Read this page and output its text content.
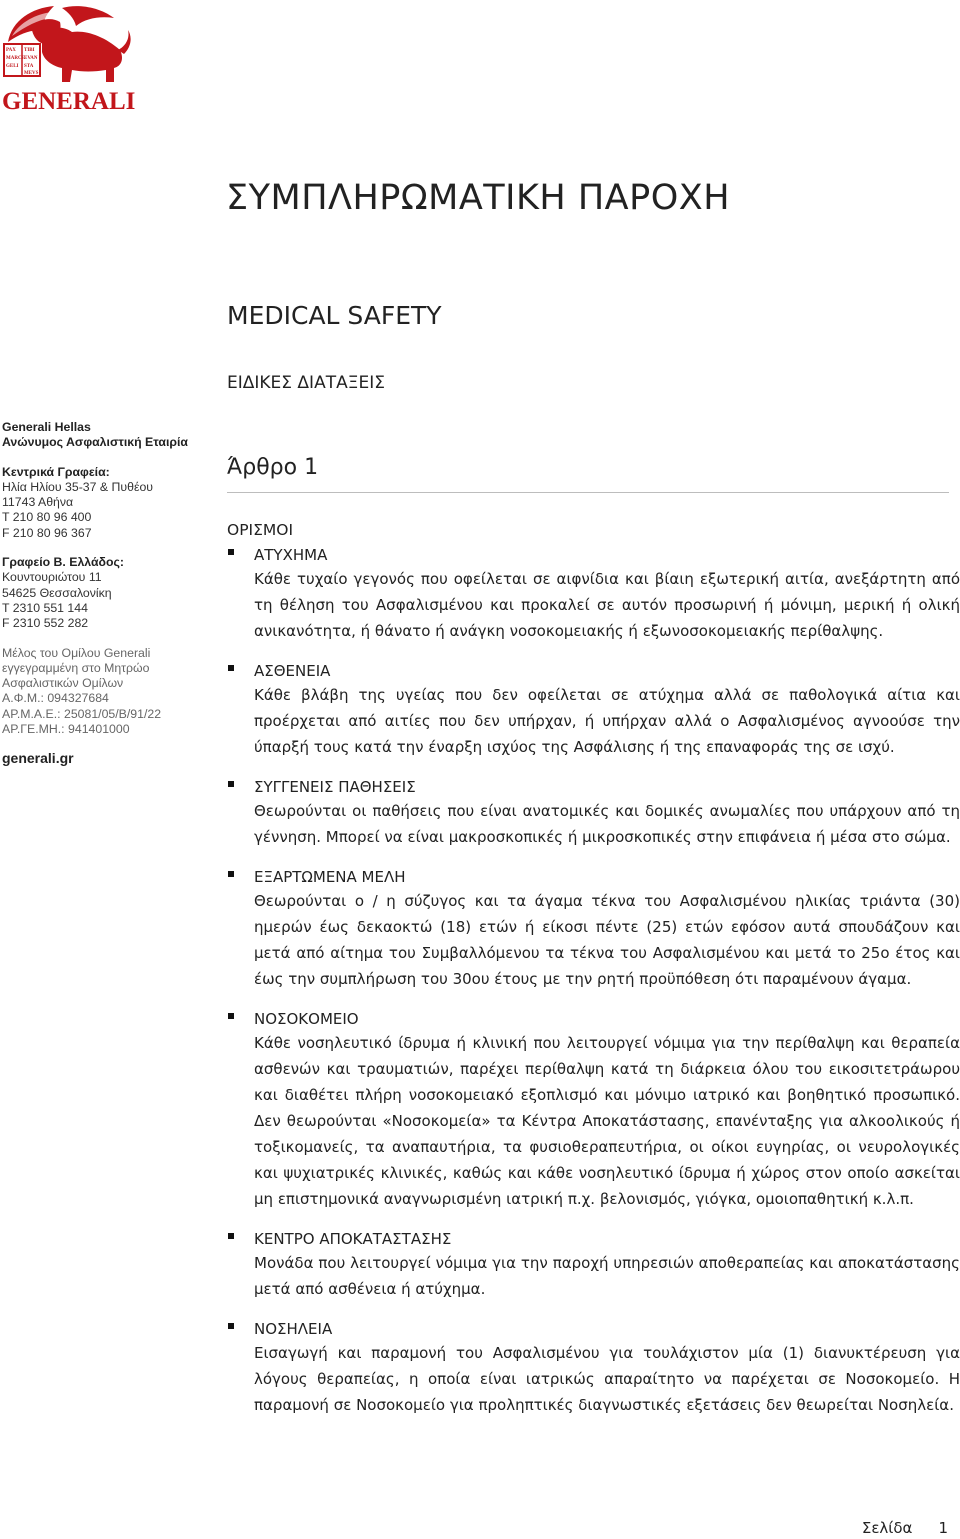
PAX TIBI
MARCE EVAN
GELI STA
MEVS
GENERALI
ΣΥΜΠΛΗΡΩΜΑΤΙΚΗ ΠΑΡΟΧΗ
MEDICAL SAFETY
ΕΙΔΙΚΕΣ ΔΙΑΤΑΞΕΙΣ
Generali Hellas
Ανώνυμος Ασφαλιστική Εταιρία
Κεντρικά Γραφεία:
Ηλία Ηλίου 35-37 & Πυθέου
11743 Αθήνα
T 210 80 96 400
F 210 80 96 367
Γραφείο Β. Ελλάδος:
Κουντουριώτου 11
54625 Θεσσαλονίκη
T 2310 551 144
F 2310 552 282
Μέλος του Ομίλου Generali
εγγεγραμμένη στο Μητρώο
Ασφαλιστικών Ομίλων
Α.Φ.Μ.: 094327684
ΑΡ.Μ.Α.Ε.: 25081/05/Β/91/22
ΑΡ.ΓΕ.ΜΗ.: 941401000
generali.gr
Άρθρο 1
ΟΡΙΣΜΟΙ
ΑΤΥΧΗΜΑ
Κάθε τυχαίο γεγονός που οφείλεται σε αιφνίδια και βίαιη εξωτερική αιτία, ανεξάρτητη από τη θέληση του Ασφαλισμένου και προκαλεί σε αυτόν προσωρινή ή μόνιμη, μερική ή ολική ανικανότητα, ή θάνατο ή ανάγκη νοσοκομειακής ή εξωνοσοκομειακής περίθαλψης.
ΑΣΘΕΝΕΙΑ
Κάθε βλάβη της υγείας που δεν οφείλεται σε ατύχημα αλλά σε παθολογικά αίτια και προέρχεται από αιτίες που δεν υπήρχαν, ή υπήρχαν αλλά ο Ασφαλισμένος αγνοούσε την ύπαρξή τους κατά την έναρξη ισχύος της Ασφάλισης ή της επαναφοράς της σε ισχύ.
ΣΥΓΓΕΝΕΙΣ ΠΑΘΗΣΕΙΣ
Θεωρούνται οι παθήσεις που είναι ανατομικές και δομικές ανωμαλίες που υπάρχουν από τη γέννηση. Μπορεί να είναι μακροσκοπικές ή μικροσκοπικές στην επιφάνεια ή μέσα στο σώμα.
ΕΞΑΡΤΩΜΕΝΑ ΜΕΛΗ
Θεωρούνται ο / η σύζυγος και τα άγαμα τέκνα του Ασφαλισμένου ηλικίας τριάντα (30) ημερών έως δεκαοκτώ (18) ετών ή είκοσι πέντε (25) ετών εφόσον αυτά σπουδάζουν και μετά από αίτημα του Συμβαλλόμενου τα τέκνα του Ασφαλισμένου και μετά το 25ο έτος και έως την συμπλήρωση του 30ου έτους με την ρητή προϋπόθεση ότι παραμένουν άγαμα.
ΝΟΣΟΚΟΜΕΙΟ
Κάθε νοσηλευτικό ίδρυμα ή κλινική που λειτουργεί νόμιμα για την περίθαλψη και θεραπεία ασθενών και τραυματιών, παρέχει περίθαλψη κατά τη διάρκεια όλου του εικοσιτετράωρου και διαθέτει πλήρη νοσοκομειακό εξοπλισμό και μόνιμο ιατρικό και βοηθητικό προσωπικό. Δεν θεωρούνται «Νοσοκομεία» τα Κέντρα Αποκατάστασης, επανένταξης για αλκοολικούς ή τοξικομανείς, τα αναπαυτήρια, τα φυσιοθεραπευτήρια, οι οίκοι ευγηρίας, οι νευρολογικές και ψυχιατρικές κλινικές, καθώς και κάθε νοσηλευτικό ίδρυμα ή χώρος στον οποίο ασκείται μη επιστημονικά αναγνωρισμένη ιατρική π.χ. βελονισμός, γιόγκα, ομοιοπαθητική κ.λ.π.
ΚΕΝΤΡΟ ΑΠΟΚΑΤΑΣΤΑΣΗΣ
Μονάδα που λειτουργεί νόμιμα για την παροχή υπηρεσιών αποθεραπείας και αποκατάστασης μετά από ασθένεια ή ατύχημα.
ΝΟΣΗΛΕΙΑ
Εισαγωγή και παραμονή του Ασφαλισμένου για τουλάχιστον μία (1) διανυκτέρευση για λόγους θεραπείας, η οποία είναι ιατρικώς απαραίτητο να παρέχεται σε Νοσοκομείο. Η παραμονή σε Νοσοκομείο για προληπτικές διαγνωστικές εξετάσεις δεν θεωρείται Νοσηλεία.
Σελίδα 1
